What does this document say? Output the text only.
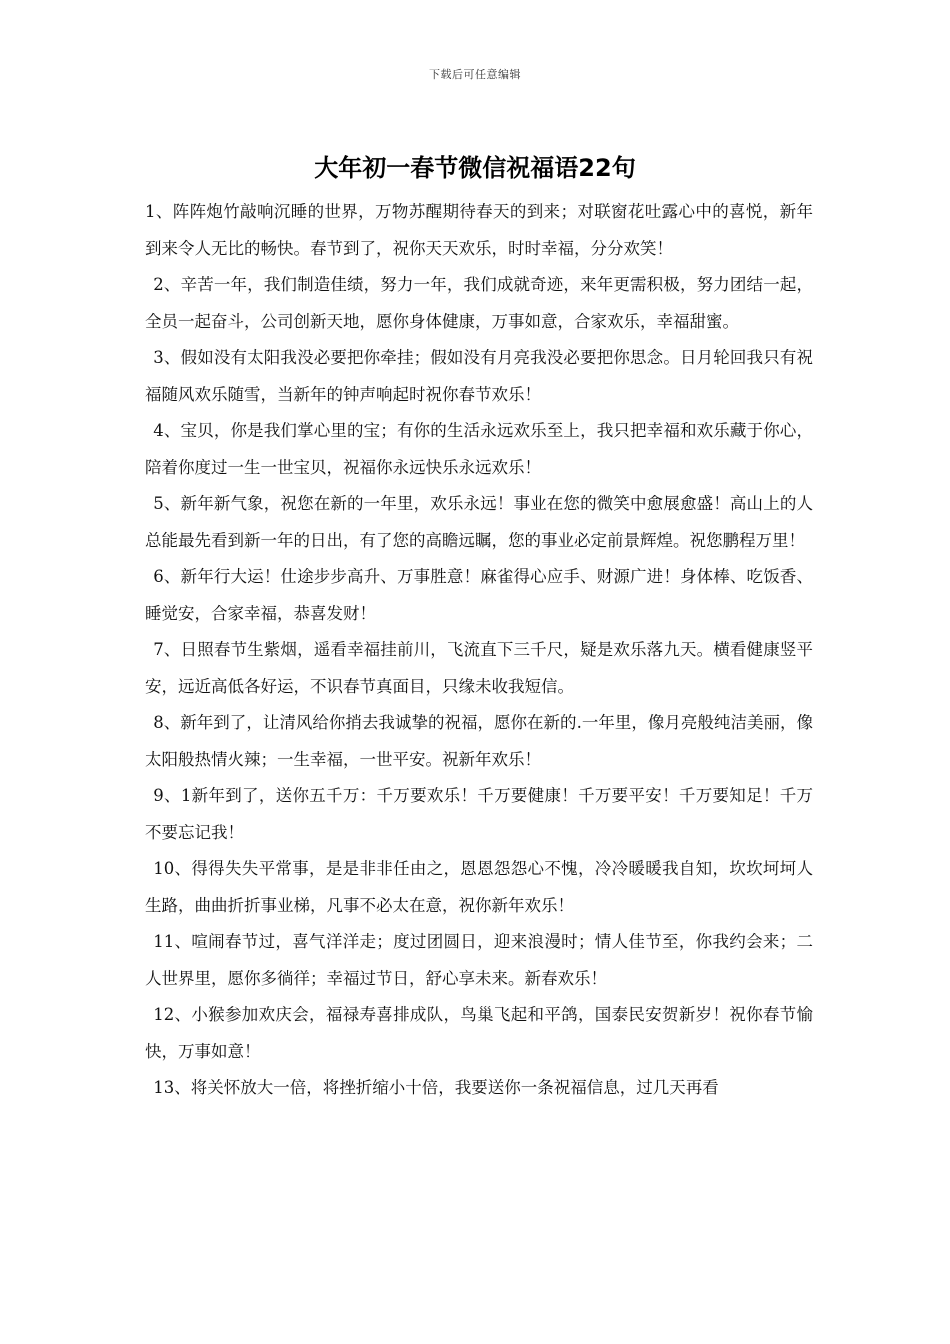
下载后可任意编辑
大年初一春节微信祝福语22句

1、阵阵炮竹敲响沉睡的世界，万物苏醒期待春天的到来；对联窗花吐露心中的喜悦，新年到来令人无比的畅快。春节到了，祝你天天欢乐，时时幸福，分分欢笑！

2、辛苦一年，我们制造佳绩，努力一年，我们成就奇迹，来年更需积极，努力团结一起，全员一起奋斗，公司创新天地，愿你身体健康，万事如意，合家欢乐，幸福甜蜜。

3、假如没有太阳我没必要把你牵挂；假如没有月亮我没必要把你思念。日月轮回我只有祝福随风欢乐随雪，当新年的钟声响起时祝你春节欢乐！

4、宝贝，你是我们掌心里的宝；有你的生活永远欢乐至上，我只把幸福和欢乐藏于你心，陪着你度过一生一世宝贝，祝福你永远快乐永远欢乐！

5、新年新气象，祝您在新的一年里，欢乐永远！事业在您的微笑中愈展愈盛！高山上的人总能最先看到新一年的日出，有了您的高瞻远瞩，您的事业必定前景辉煌。祝您鹏程万里！

6、新年行大运！仕途步步高升、万事胜意！麻雀得心应手、财源广进！身体棒、吃饭香、睡觉安，合家幸福，恭喜发财！

7、日照春节生紫烟，遥看幸福挂前川，飞流直下三千尺，疑是欢乐落九天。横看健康竖平安，远近高低各好运，不识春节真面目，只缘未收我短信。

8、新年到了，让清风给你捎去我诚挚的祝福，愿你在新的.一年里，像月亮般纯洁美丽，像太阳般热情火辣；一生幸福，一世平安。祝新年欢乐！

9、1新年到了，送你五千万：千万要欢乐！千万要健康！千万要平安！千万要知足！千万不要忘记我！

10、得得失失平常事，是是非非任由之，恩恩怨怨心不愧，冷冷暖暖我自知，坎坎坷坷人生路，曲曲折折事业梯，凡事不必太在意，祝你新年欢乐！

11、喧闹春节过，喜气洋洋走；度过团圆日，迎来浪漫时；情人佳节至，你我约会来；二人世界里，愿你多徜徉；幸福过节日，舒心享未来。新春欢乐！

12、小猴参加欢庆会，福禄寿喜排成队，鸟巢飞起和平鸽，国泰民安贺新岁！祝你春节愉快，万事如意！

13、将关怀放大一倍，将挫折缩小十倍，我要送你一条祝福信息，过几天再看
